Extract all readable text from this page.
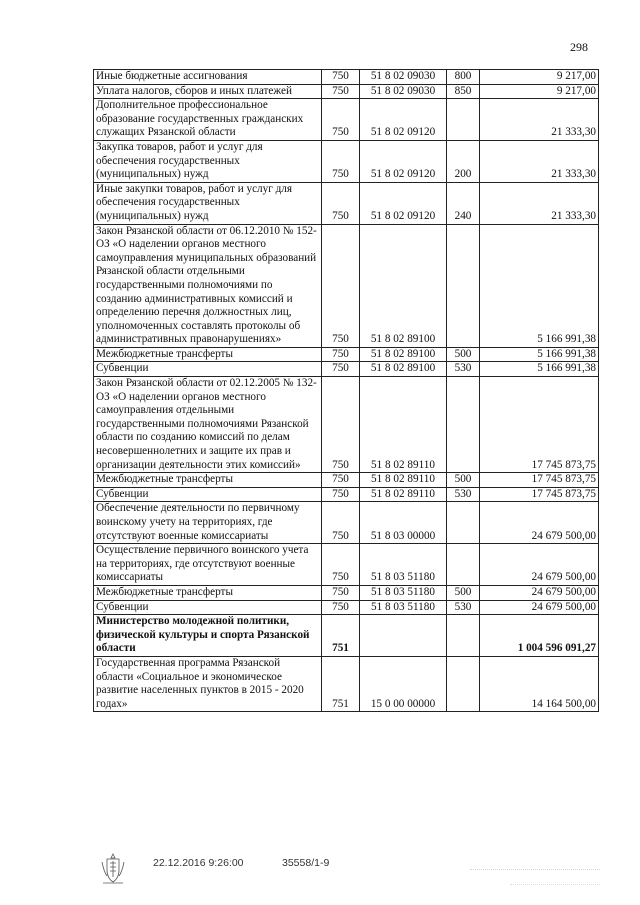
298
Иные бюджетные ассигнования	750	51 8 02 09030	800	9 217,00
Уплата налогов, сборов и иных платежей	750	51 8 02 09030	850	9 217,00
Дополнительное профессиональное образование государственных гражданских служащих Рязанской области	750	51 8 02 09120		21 333,30
Закупка товаров, работ и услуг для обеспечения государственных (муниципальных) нужд	750	51 8 02 09120	200	21 333,30
Иные закупки товаров, работ и услуг для обеспечения государственных (муниципальных) нужд	750	51 8 02 09120	240	21 333,30
Закон Рязанской области от 06.12.2010 № 152-ОЗ «О наделении органов местного самоуправления муниципальных образований Рязанской области отдельными государственными полномочиями по созданию административных комиссий и определению перечня должностных лиц, уполномоченных составлять протоколы об административных правонарушениях»	750	51 8 02 89100		5 166 991,38
Межбюджетные трансферты	750	51 8 02 89100	500	5 166 991,38
Субвенции	750	51 8 02 89100	530	5 166 991,38
Закон Рязанской области от 02.12.2005 № 132-ОЗ «О наделении органов местного самоуправления отдельными государственными полномочиями Рязанской области по созданию комиссий по делам несовершеннолетних и защите их прав и организации деятельности этих комиссий»	750	51 8 02 89110		17 745 873,75
Межбюджетные трансферты	750	51 8 02 89110	500	17 745 873,75
Субвенции	750	51 8 02 89110	530	17 745 873,75
Обеспечение деятельности по первичному воинскому учету на территориях, где отсутствуют военные комиссариаты	750	51 8 03 00000		24 679 500,00
Осуществление первичного воинского учета на территориях, где отсутствуют военные комиссариаты	750	51 8 03 51180		24 679 500,00
Межбюджетные трансферты	750	51 8 03 51180	500	24 679 500,00
Субвенции	750	51 8 03 51180	530	24 679 500,00
Министерство молодежной политики, физической культуры и спорта Рязанской области	751			1 004 596 091,27
Государственная программа Рязанской области «Социальное и экономическое развитие населенных пунктов в 2015 - 2020 годах»	751	15 0 00 00000		14 164 500,00
22.12.2016 9:26:00	35558/1-9
